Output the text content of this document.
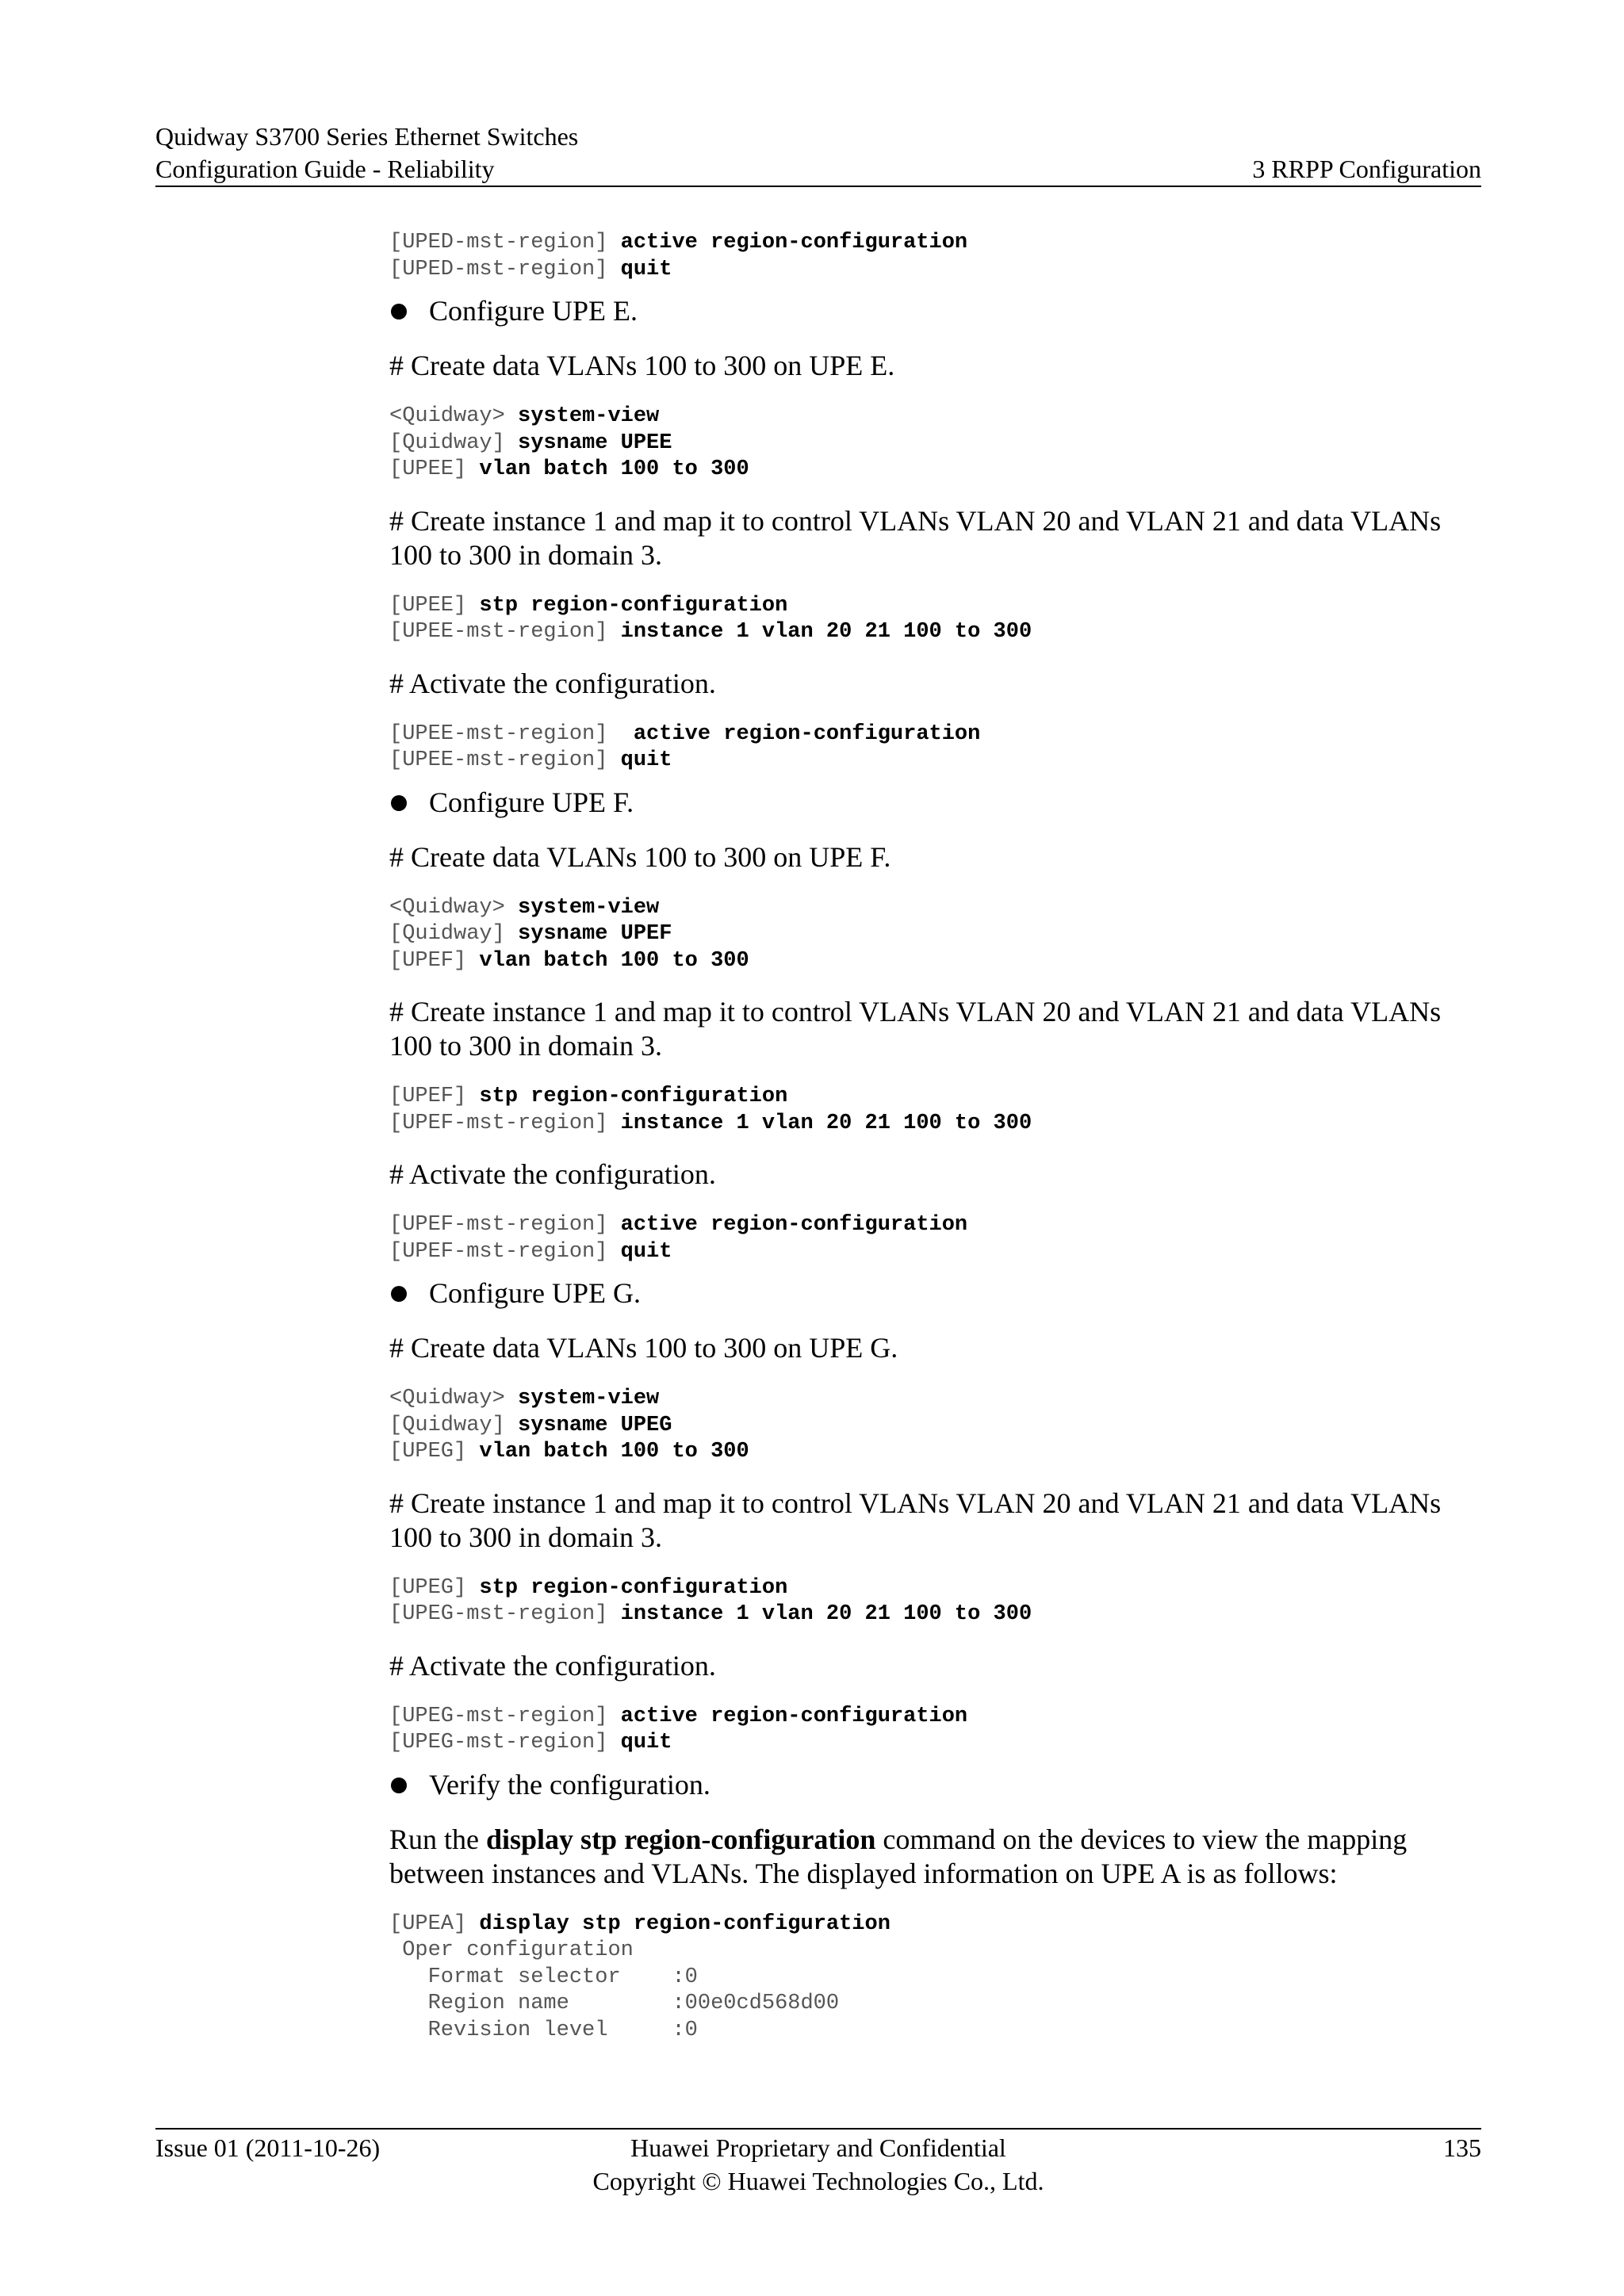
Quidway S3700 Series Ethernet Switches
Configuration Guide - Reliability	3 RRPP Configuration
[UPED-mst-region] active region-configuration
[UPED-mst-region] quit

Configure UPE E.

# Create data VLANs 100 to 300 on UPE E.

<Quidway> system-view
[Quidway] sysname UPEE
[UPEE] vlan batch 100 to 300

# Create instance 1 and map it to control VLANs VLAN 20 and VLAN 21 and data VLANs 100 to 300 in domain 3.

[UPEE] stp region-configuration
[UPEE-mst-region] instance 1 vlan 20 21 100 to 300

# Activate the configuration.

[UPEE-mst-region]  active region-configuration
[UPEE-mst-region] quit

Configure UPE F.

# Create data VLANs 100 to 300 on UPE F.

<Quidway> system-view
[Quidway] sysname UPEF
[UPEF] vlan batch 100 to 300

# Create instance 1 and map it to control VLANs VLAN 20 and VLAN 21 and data VLANs 100 to 300 in domain 3.

[UPEF] stp region-configuration
[UPEF-mst-region] instance 1 vlan 20 21 100 to 300

# Activate the configuration.

[UPEF-mst-region] active region-configuration
[UPEF-mst-region] quit

Configure UPE G.

# Create data VLANs 100 to 300 on UPE G.

<Quidway> system-view
[Quidway] sysname UPEG
[UPEG] vlan batch 100 to 300

# Create instance 1 and map it to control VLANs VLAN 20 and VLAN 21 and data VLANs 100 to 300 in domain 3.

[UPEG] stp region-configuration
[UPEG-mst-region] instance 1 vlan 20 21 100 to 300

# Activate the configuration.

[UPEG-mst-region] active region-configuration
[UPEG-mst-region] quit

Verify the configuration.

Run the display stp region-configuration command on the devices to view the mapping between instances and VLANs. The displayed information on UPE A is as follows:

[UPEA] display stp region-configuration
Oper configuration
Format selector    :0
Region name        :00e0cd568d00
Revision level     :0
Issue 01 (2011-10-26)	Huawei Proprietary and Confidential
Copyright © Huawei Technologies Co., Ltd.
135
